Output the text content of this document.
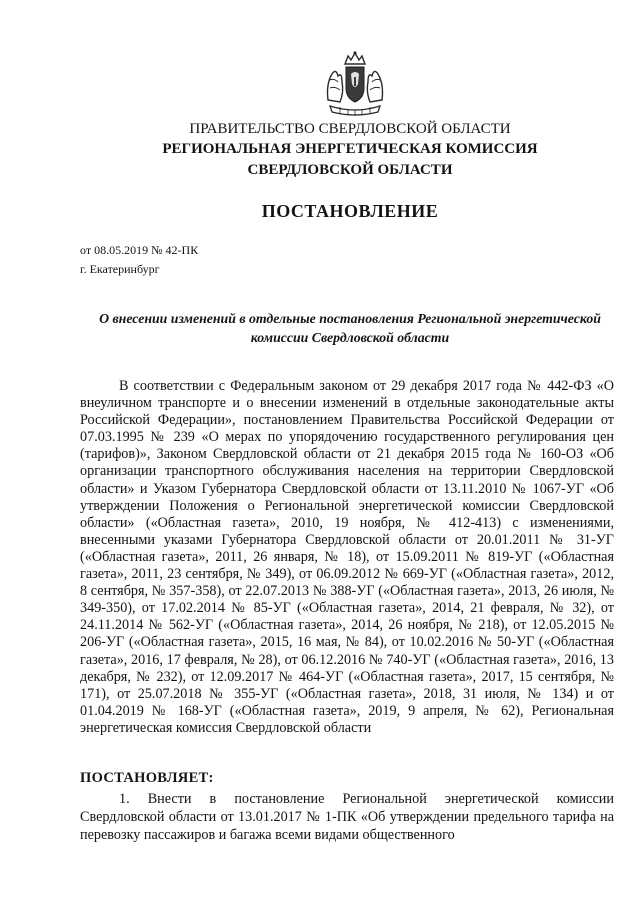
ПРАВИТЕЛЬСТВО СВЕРДЛОВСКОЙ ОБЛАСТИ
РЕГИОНАЛЬНАЯ ЭНЕРГЕТИЧЕСКАЯ КОМИССИЯ
СВЕРДЛОВСКОЙ ОБЛАСТИ
ПОСТАНОВЛЕНИЕ
от 08.05.2019 № 42-ПК
г. Екатеринбург
О внесении изменений в отдельные постановления Региональной энергетической комиссии Свердловской области

В соответствии с Федеральным законом от 29 декабря 2017 года № 442-ФЗ «О внеуличном транспорте и о внесении изменений в отдельные законодательные акты Российской Федерации», постановлением Правительства Российской Федерации от 07.03.1995 № 239 «О мерах по упорядочению государственного регулирования цен (тарифов)», Законом Свердловской области от 21 декабря 2015 года № 160-ОЗ «Об организации транспортного обслуживания населения на территории Свердловской области» и Указом Губернатора Свердловской области от 13.11.2010 № 1067-УГ «Об утверждении Положения о Региональной энергетической комиссии Свердловской области» («Областная газета», 2010, 19 ноября, № 412-413) с изменениями, внесенными указами Губернатора Свердловской области от 20.01.2011 № 31-УГ («Областная газета», 2011, 26 января, № 18), от 15.09.2011 № 819-УГ («Областная газета», 2011, 23 сентября, № 349), от 06.09.2012 № 669-УГ («Областная газета», 2012, 8 сентября, № 357-358), от 22.07.2013 № 388-УГ («Областная газета», 2013, 26 июля, № 349-350), от 17.02.2014 № 85-УГ («Областная газета», 2014, 21 февраля, № 32), от 24.11.2014 № 562-УГ («Областная газета», 2014, 26 ноября, № 218), от 12.05.2015 № 206-УГ («Областная газета», 2015, 16 мая, № 84), от 10.02.2016 № 50-УГ («Областная газета», 2016, 17 февраля, № 28), от 06.12.2016 № 740-УГ («Областная газета», 2016, 13 декабря, № 232), от 12.09.2017 № 464-УГ («Областная газета», 2017, 15 сентября, № 171), от 25.07.2018 № 355-УГ («Областная газета», 2018, 31 июля, № 134) и от 01.04.2019 № 168-УГ («Областная газета», 2019, 9 апреля, № 62), Региональная энергетическая комиссия Свердловской области

ПОСТАНОВЛЯЕТ:

1. Внести в постановление Региональной энергетической комиссии Свердловской области от 13.01.2017 № 1-ПК «Об утверждении предельного тарифа на перевозку пассажиров и багажа всеми видами общественного
